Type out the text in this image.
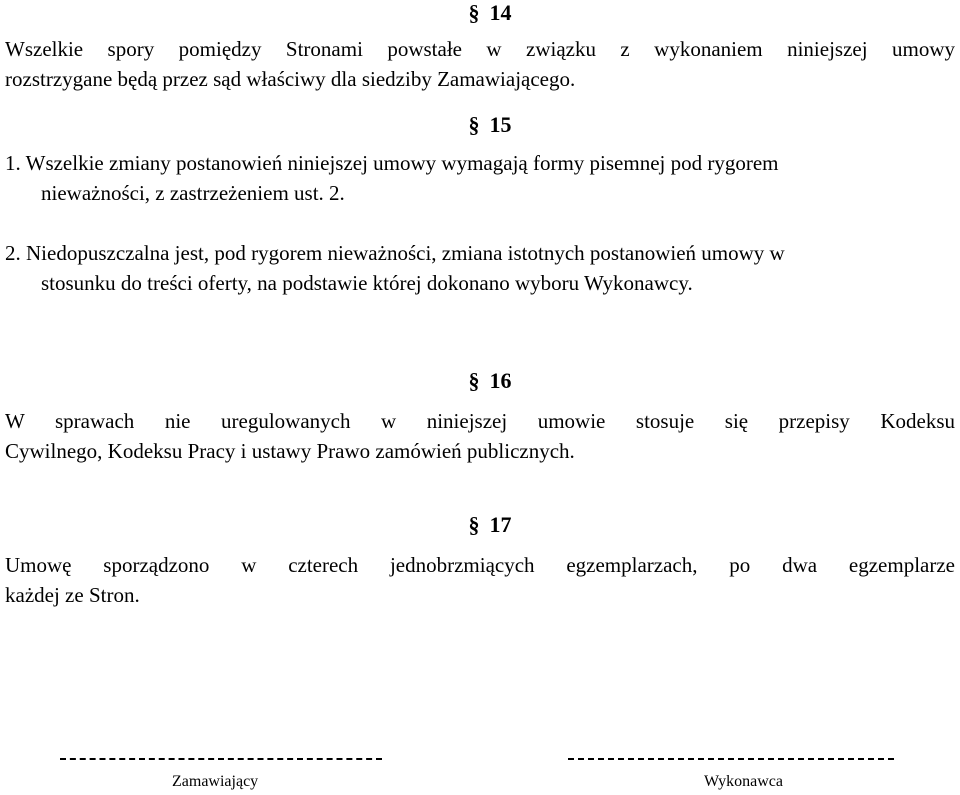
§ 14
Wszelkie spory pomiędzy Stronami powstałe w związku z wykonaniem niniejszej umowy
rozstrzygane będą przez sąd właściwy dla siedziby Zamawiającego.
§ 15
1. Wszelkie zmiany postanowień niniejszej umowy wymagają formy pisemnej pod rygorem
nieważności, z zastrzeżeniem ust. 2.
2. Niedopuszczalna jest, pod rygorem nieważności, zmiana istotnych postanowień umowy w
stosunku do treści oferty, na podstawie której dokonano wyboru Wykonawcy.
§ 16
W sprawach nie uregulowanych w niniejszej umowie stosuje się przepisy Kodeksu
Cywilnego, Kodeksu Pracy i ustawy Prawo zamówień publicznych.
§ 17
Umowę sporządzono w czterech jednobrzmiących egzemplarzach, po dwa egzemplarze
każdej ze Stron.
Zamawiający	Wykonawca
